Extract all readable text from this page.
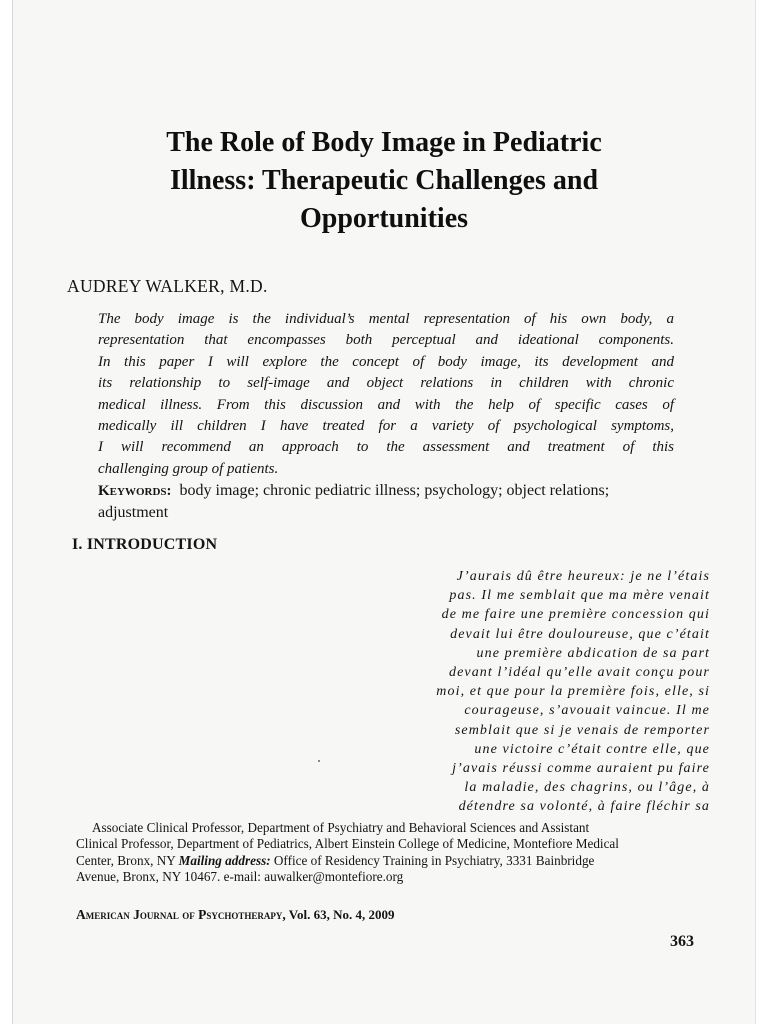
The Role of Body Image in Pediatric
Illness: Therapeutic Challenges and
Opportunities
AUDREY WALKER, M.D.
The body image is the individual’s mental representation of his own body, a
representation that encompasses both perceptual and ideational components.
In this paper I will explore the concept of body image, its development and
its relationship to self-image and object relations in children with chronic
medical illness. From this discussion and with the help of specific cases of
medically ill children I have treated for a variety of psychological symptoms,
I will recommend an approach to the assessment and treatment of this
challenging group of patients.
Keywords: body image; chronic pediatric illness; psychology; object relations; adjustment
I. INTRODUCTION
J’aurais dû être heureux: je ne l’étais
pas. Il me semblait que ma mère venait
de me faire une première concession qui
devait lui être douloureuse, que c’était
une première abdication de sa part
devant l’idéal qu’elle avait conçu pour
moi, et que pour la première fois, elle, si
courageuse, s’avouait vaincue. Il me
semblait que si je venais de remporter
une victoire c’était contre elle, que
j’avais réussi comme auraient pu faire
la maladie, des chagrins, ou l’âge, à
détendre sa volonté, à faire fléchir sa
Associate Clinical Professor, Department of Psychiatry and Behavioral Sciences and Assistant
Clinical Professor, Department of Pediatrics, Albert Einstein College of Medicine, Montefiore Medical
Center, Bronx, NY Mailing address: Office of Residency Training in Psychiatry, 3331 Bainbridge
Avenue, Bronx, NY 10467. e-mail: auwalker@montefiore.org
American Journal of Psychotherapy, Vol. 63, No. 4, 2009
363
